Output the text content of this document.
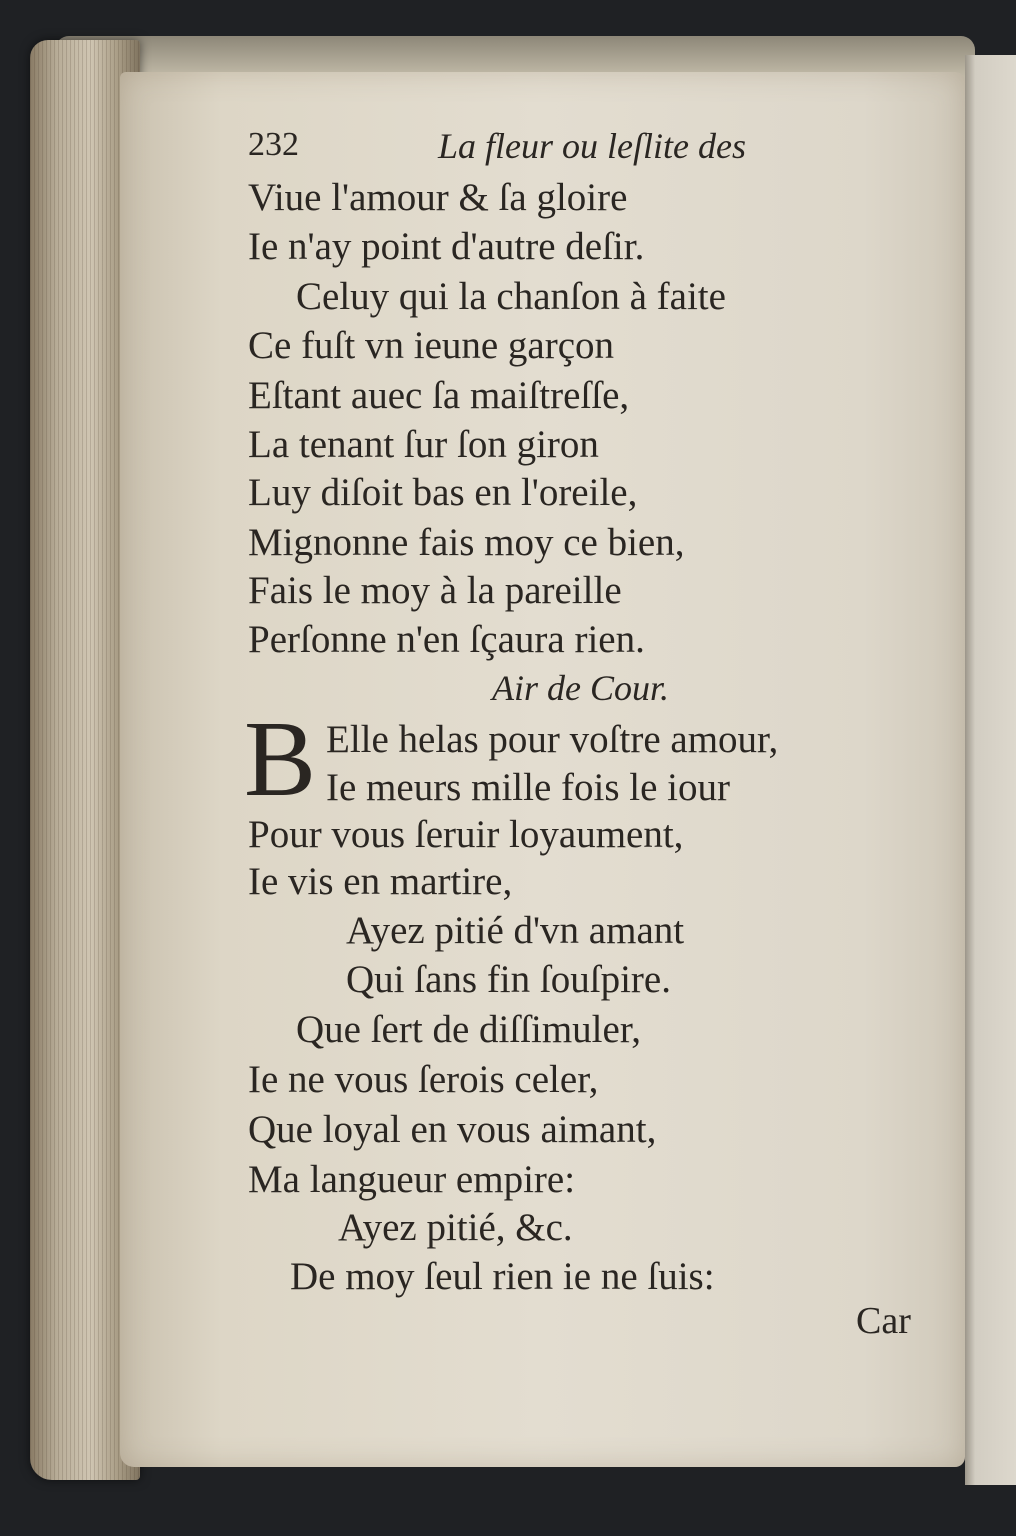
232	La fleur ou leſlite des
Viue l'amour & ſa gloire
Ie n'ay point d'autre deſir.
Celuy qui la chanſon à faite
Ce fuſt vn ieune garçon
Eſtant auec ſa maiſtreſſe,
La tenant ſur ſon giron
Luy diſoit bas en l'oreile,
Mignonne fais moy ce bien,
Fais le moy à la pareille
Perſonne n'en ſçaura rien.
Air de Cour.
B Elle helas pour voſtre amour,
Ie meurs mille fois le iour
Pour vous ſeruir loyaument,
Ie vis en martire,
Ayez pitié d'vn amant
Qui ſans fin ſouſpire.
Que ſert de diſſimuler,
Ie ne vous ſerois celer,
Que loyal en vous aimant,
Ma langueur empire:
Ayez pitié, &c.
De moy ſeul rien ie ne ſuis:
Car
